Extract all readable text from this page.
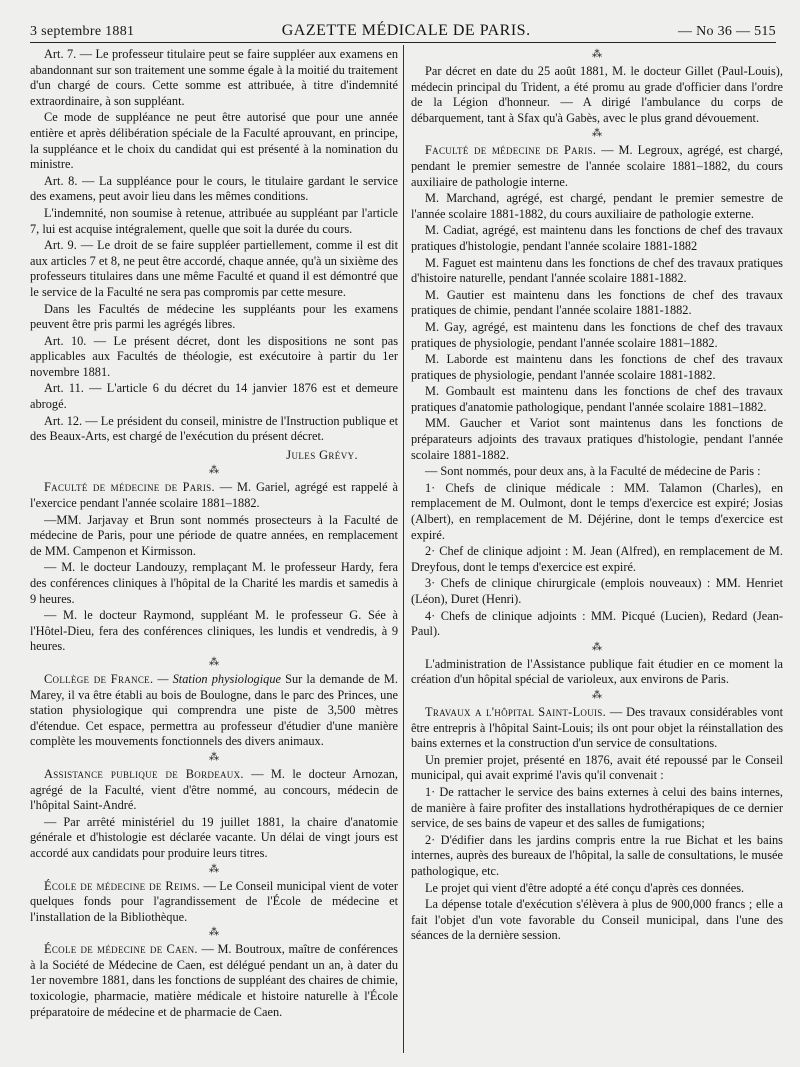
3 septembre 1881	GAZETTE MÉDICALE DE PARIS.	— No 36 — 515

Art. 7. — Le professeur titulaire peut se faire suppléer aux examens en abandonnant sur son traitement une somme égale à la moitié du traitement d'un chargé de cours. Cette somme est attribuée, à titre d'indemnité extraordinaire, à son suppléant.

Ce mode de suppléance ne peut être autorisé que pour une année entière et après délibération spéciale de la Faculté aprouvant, en principe, la suppléance et le choix du candidat qui est présenté à la nomination du ministre.

Art. 8. — La suppléance pour le cours, le titulaire gardant le service des examens, peut avoir lieu dans les mêmes conditions.

L'indemnité, non soumise à retenue, attribuée au suppléant par l'article 7, lui est acquise intégralement, quelle que soit la durée du cours.

Art. 9. — Le droit de se faire suppléer partiellement, comme il est dit aux articles 7 et 8, ne peut être accordé, chaque année, qu'à un sixième des professeurs titulaires dans une même Faculté et quand il est démontré que le service de la Faculté ne sera pas compromis par cette mesure.

Dans les Facultés de médecine les suppléants pour les examens peuvent être pris parmi les agrégés libres.

Art. 10. — Le présent décret, dont les dispositions ne sont pas applicables aux Facultés de théologie, est exécutoire à partir du 1er novembre 1881.

Art. 11. — L'article 6 du décret du 14 janvier 1876 est et demeure abrogé.

Art. 12. — Le président du conseil, ministre de l'Instruction publique et des Beaux-Arts, est chargé de l'exécution du présent décret.

Jules Grévy.
⁂

Faculté de médecine de Paris. — M. Gariel, agrégé est rappelé à l'exercice pendant l'année scolaire 1881–1882.

—MM. Jarjavay et Brun sont nommés prosecteurs à la Faculté de médecine de Paris, pour une période de quatre années, en remplacement de MM. Campenon et Kirmisson.

— M. le docteur Landouzy, remplaçant M. le professeur Hardy, fera des conférences cliniques à l'hôpital de la Charité les mardis et samedis à 9 heures.

— M. le docteur Raymond, suppléant M. le professeur G. Sée à l'Hôtel-Dieu, fera des conférences cliniques, les lundis et vendredis, à 9 heures.

⁂

Collège de France. — Station physiologique Sur la demande de M. Marey, il va être établi au bois de Boulogne, dans le parc des Princes, une station physiologique qui comprendra une piste de 3,500 mètres d'étendue. Cet espace, permettra au professeur d'étudier d'une manière complète les mouvements fonctionnels des divers animaux.

⁂

Assistance publique de Bordeaux. — M. le docteur Arnozan, agrégé de la Faculté, vient d'être nommé, au concours, médecin de l'hôpital Saint-André.

— Par arrêté ministériel du 19 juillet 1881, la chaire d'anatomie générale et d'histologie est déclarée vacante. Un délai de vingt jours est accordé aux candidats pour produire leurs titres.

⁂

École de médecine de Reims. — Le Conseil municipal vient de voter quelques fonds pour l'agrandissement de l'École de médecine et l'installation de la Bibliothèque.

⁂

École de médecine de Caen. — M. Boutroux, maître de conférences à la Société de Médecine de Caen, est délégué pendant un an, à dater du 1er novembre 1881, dans les fonctions de suppléant des chaires de chimie, toxicologie, pharmacie, matière médicale et histoire naturelle à l'École préparatoire de médecine et de pharmacie de Caen.

⁂

Par décret en date du 25 août 1881, M. le docteur Gillet (Paul-Louis), médecin principal du Trident, a été promu au grade d'officier dans l'ordre de la Légion d'honneur. — A dirigé l'ambulance du corps de débarquement, tant à Sfax qu'à Gabès, avec le plus grand dévouement.

⁂

Faculté de médecine de Paris. — M. Legroux, agrégé, est chargé, pendant le premier semestre de l'année scolaire 1881–1882, du cours auxiliaire de pathologie interne.

M. Marchand, agrégé, est chargé, pendant le premier semestre de l'année scolaire 1881-1882, du cours auxiliaire de pathologie externe.

M. Cadiat, agrégé, est maintenu dans les fonctions de chef des travaux pratiques d'histologie, pendant l'année scolaire 1881-1882

M. Faguet est maintenu dans les fonctions de chef des travaux pratiques d'histoire naturelle, pendant l'année scolaire 1881-1882.

M. Gautier est maintenu dans les fonctions de chef des travaux pratiques de chimie, pendant l'année scolaire 1881-1882.

M. Gay, agrégé, est maintenu dans les fonctions de chef des travaux pratiques de physiologie, pendant l'année scolaire 1881–1882.

M. Laborde est maintenu dans les fonctions de chef des travaux pratiques de physiologie, pendant l'année scolaire 1881-1882.

M. Gombault est maintenu dans les fonctions de chef des travaux pratiques d'anatomie pathologique, pendant l'année scolaire 1881–1882.

MM. Gaucher et Variot sont maintenus dans les fonctions de préparateurs adjoints des travaux pratiques d'histologie, pendant l'année scolaire 1881-1882.

— Sont nommés, pour deux ans, à la Faculté de médecine de Paris :

1· Chefs de clinique médicale : MM. Talamon (Charles), en remplacement de M. Oulmont, dont le temps d'exercice est expiré; Josias (Albert), en remplacement de M. Déjérine, dont le temps d'exercice est expiré.

2· Chef de clinique adjoint : M. Jean (Alfred), en remplacement de M. Dreyfous, dont le temps d'exercice est expiré.

3· Chefs de clinique chirurgicale (emplois nouveaux) : MM. Henriet (Léon), Duret (Henri).

4· Chefs de clinique adjoints : MM. Picqué (Lucien), Redard (Jean-Paul).

⁂

L'administration de l'Assistance publique fait étudier en ce moment la création d'un hôpital spécial de varioleux, aux environs de Paris.

⁂

Travaux a l'hôpital Saint-Louis. — Des travaux considérables vont être entrepris à l'hôpital Saint-Louis; ils ont pour objet la réinstallation des bains externes et la construction d'un service de consultations.

Un premier projet, présenté en 1876, avait été repoussé par le Conseil municipal, qui avait exprimé l'avis qu'il convenait :

1· De rattacher le service des bains externes à celui des bains internes, de manière à faire profiter des installations hydrothérapiques de ce dernier service, de ses bains de vapeur et des salles de fumigations;

2· D'édifier dans les jardins compris entre la rue Bichat et les bains internes, auprès des bureaux de l'hôpital, la salle de consultations, le musée pathologique, etc.

Le projet qui vient d'être adopté a été conçu d'après ces données.

La dépense totale d'exécution s'élèvera à plus de 900,000 francs ; elle a fait l'objet d'un vote favorable du Conseil municipal, dans l'une des séances de la dernière session.
